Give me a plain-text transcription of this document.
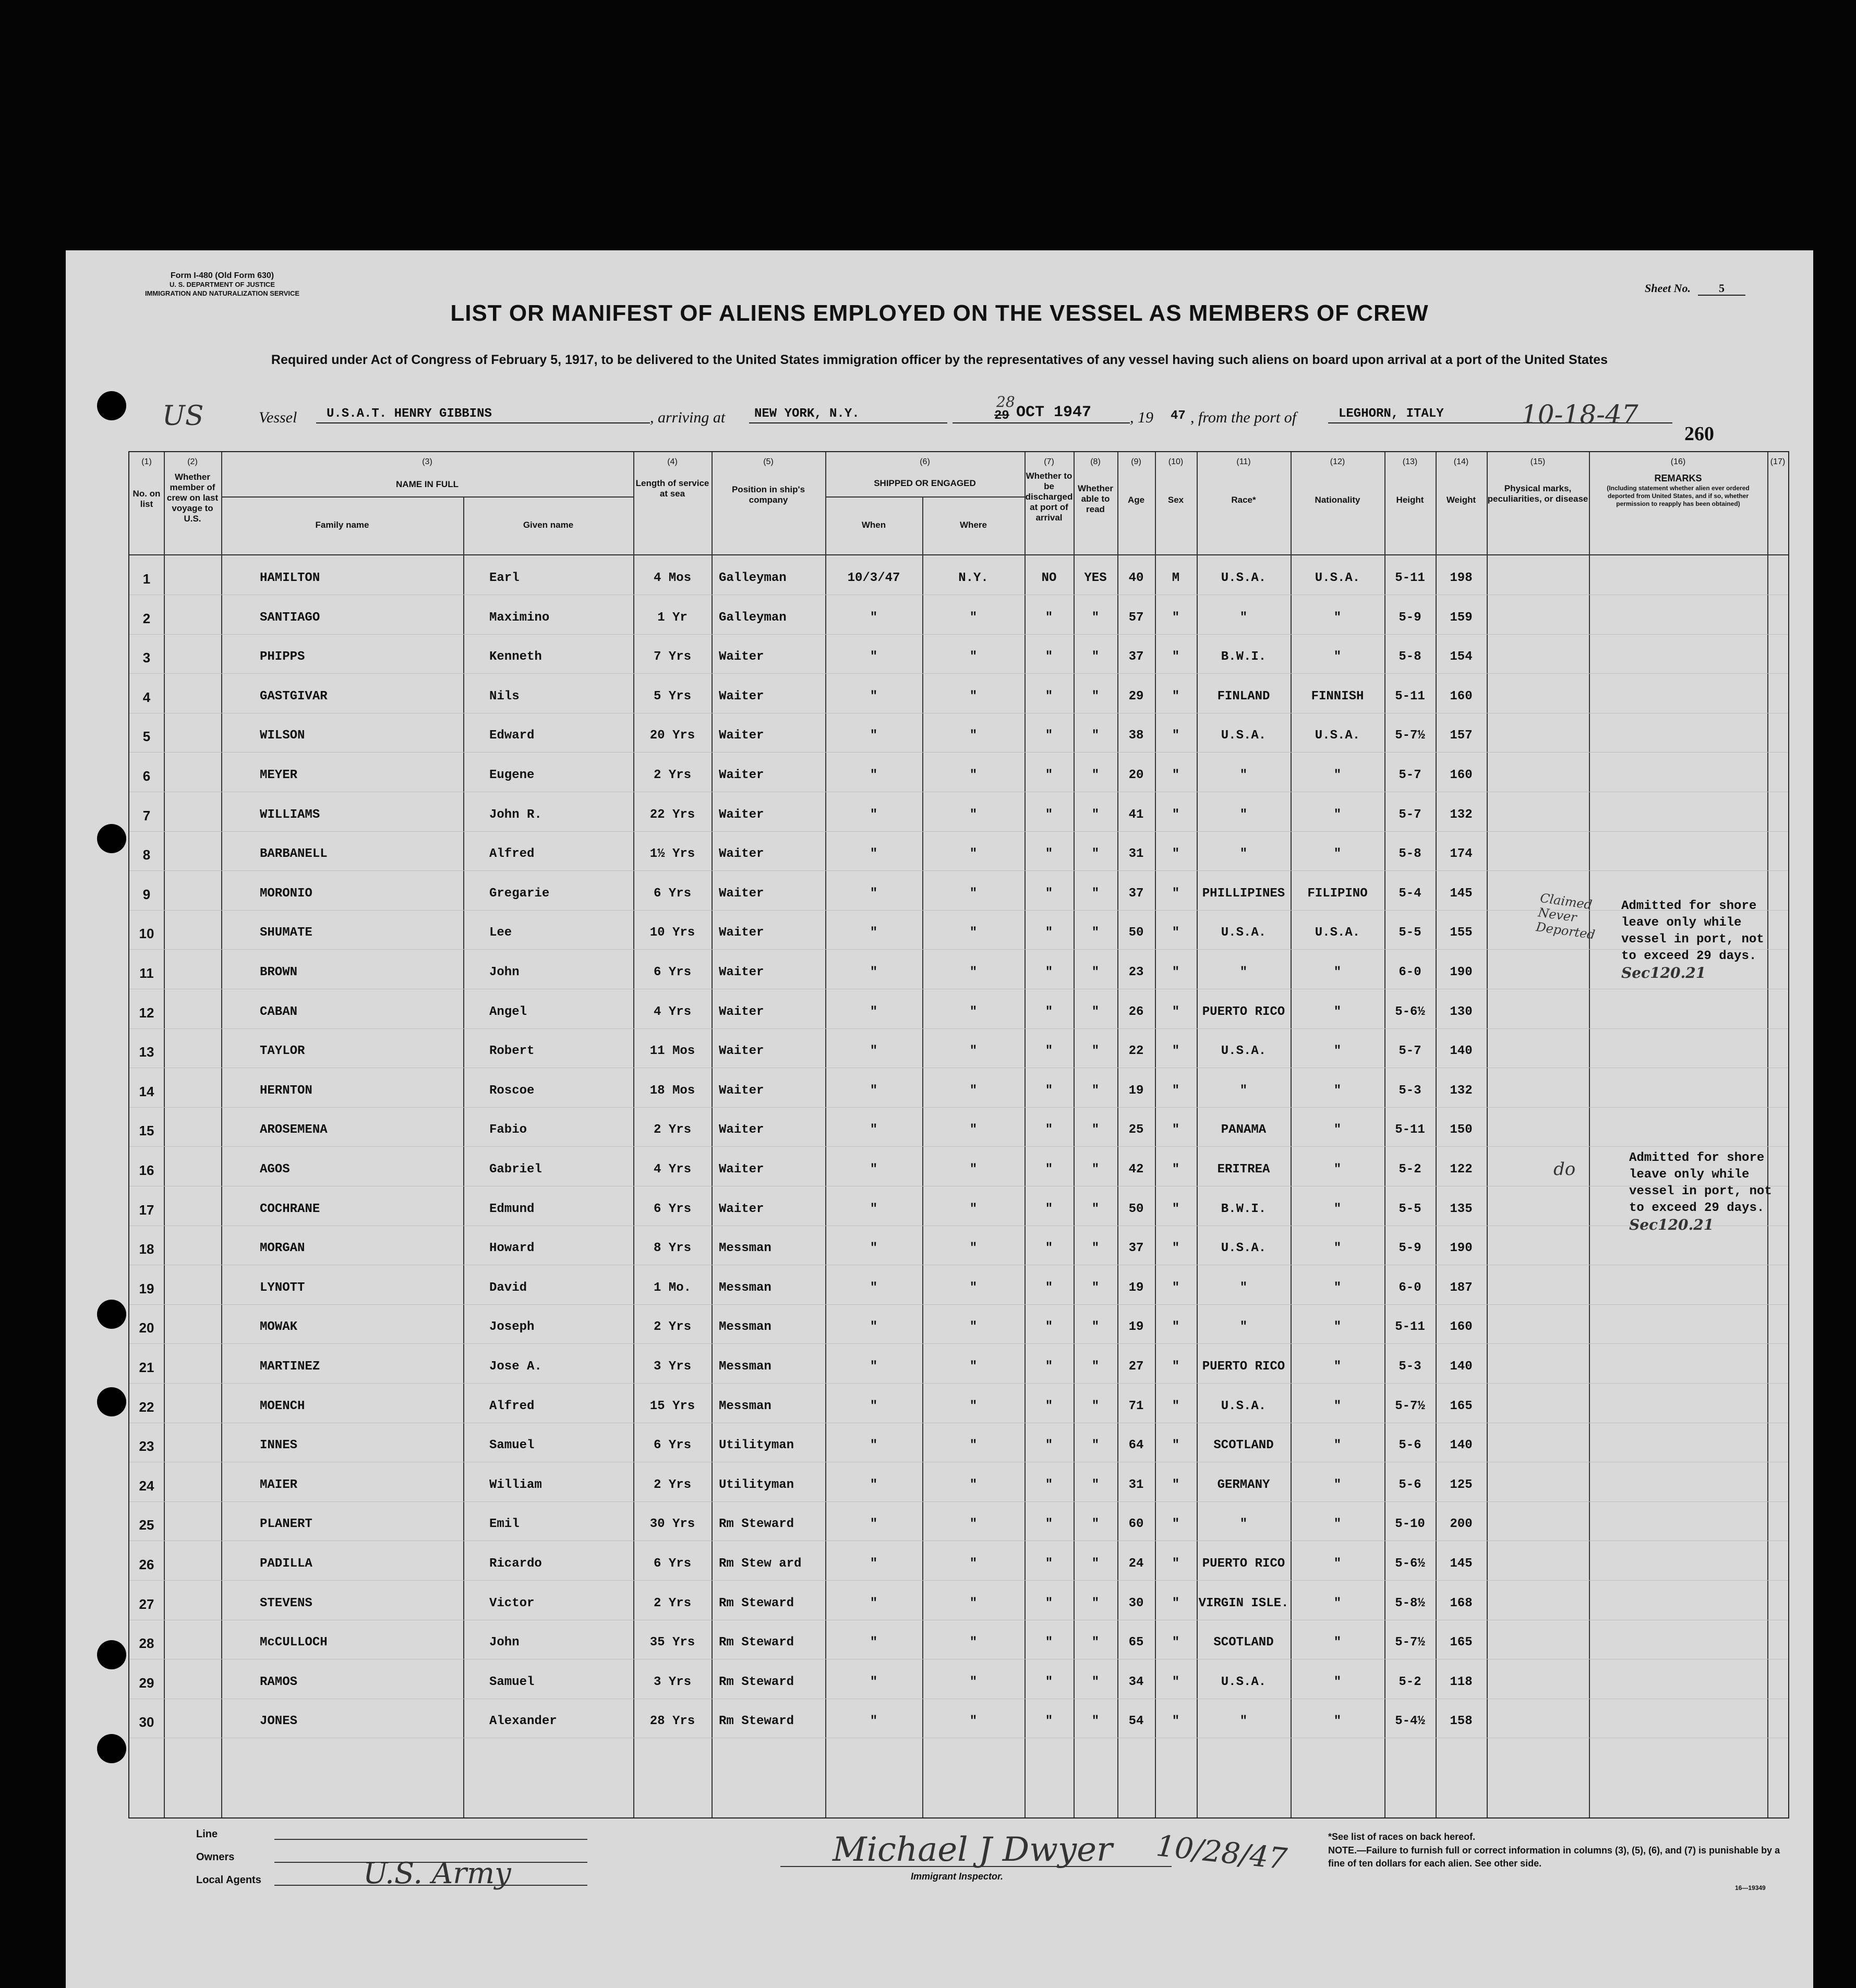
Form I-480 (Old Form 630)
U. S. DEPARTMENT OF JUSTICE
IMMIGRATION AND NATURALIZATION SERVICE	Sheet No. 5
LIST OR MANIFEST OF ALIENS EMPLOYED ON THE VESSEL AS MEMBERS OF CREW
Required under Act of Congress of February 5, 1917, to be delivered to the United States immigration officer by the representatives of any vessel having such aliens on board upon arrival at a port of the United States
US	Vessel U.S.A.T. HENRY GIBBINS	, arriving at NEW YORK, N.Y.	29
28
OCT 1947 , 19 47 , from the port of	LEGHORN, ITALY	10-18-47
260
(1)	(2)	(3)	(4)	(5)	(6)	(7)	(8)	(9)	(10)	(11)	(12)	(13)	(14)	(15)	(16)	(17)
No. on list
Whether member of crew on last voyage to U.S.
NAME IN FULL
Family name	Given name
Length of service at sea	Position in ship's company
SHIPPED OR ENGAGED
When	Where
Whether to be discharged at port of arrival
Whether able to read
Age	Sex	Race*	Nationality	Height	Weight
Physical marks, peculiarities, or disease
REMARKS
(Including statement whether alien ever ordered deported from United States, and if so, whether permission to reapply has been obtained)
1	HAMILTON	Earl	4 Mos	Galleyman	10/3/47	N.Y.	NO	YES	40	M	U.S.A.	U.S.A.	5-11	198
2	SANTIAGO	Maximino	1 Yr	Galleyman	"	"	"	"	57	"	"	"	5-9	159
3	PHIPPS	Kenneth	7 Yrs	Waiter	"	"	"	"	37	"	B.W.I.	"	5-8	154
4	GASTGIVAR	Nils	5 Yrs	Waiter	"	"	"	"	29	"	FINLAND	FINNISH	5-11	160
5	WILSON	Edward	20 Yrs	Waiter	"	"	"	"	38	"	U.S.A.	U.S.A.	5-7½	157
6	MEYER	Eugene	2 Yrs	Waiter	"	"	"	"	20	"	"	"	5-7	160
7	WILLIAMS	John R.	22 Yrs	Waiter	"	"	"	"	41	"	"	"	5-7	132
8	BARBANELL	Alfred	1½ Yrs	Waiter	"	"	"	"	31	"	"	"	5-8	174
9	MORONIO	Gregarie	6 Yrs	Waiter	"	"	"	"	37	"	PHILLIPINES	FILIPINO	5-4	145
10	SHUMATE	Lee	10 Yrs	Waiter	"	"	"	"	50	"	U.S.A.	U.S.A.	5-5	155
11	BROWN	John	6 Yrs	Waiter	"	"	"	"	23	"	"	"	6-0	190
12	CABAN	Angel	4 Yrs	Waiter	"	"	"	"	26	"	PUERTO RICO	"	5-6½	130
13	TAYLOR	Robert	11 Mos	Waiter	"	"	"	"	22	"	U.S.A.	"	5-7	140
14	HERNTON	Roscoe	18 Mos	Waiter	"	"	"	"	19	"	"	"	5-3	132
15	AROSEMENA	Fabio	2 Yrs	Waiter	"	"	"	"	25	"	PANAMA	"	5-11	150
16	AGOS	Gabriel	4 Yrs	Waiter	"	"	"	"	42	"	ERITREA	"	5-2	122
17	COCHRANE	Edmund	6 Yrs	Waiter	"	"	"	"	50	"	B.W.I.	"	5-5	135
18	MORGAN	Howard	8 Yrs	Messman	"	"	"	"	37	"	U.S.A.	"	5-9	190
19	LYNOTT	David	1 Mo.	Messman	"	"	"	"	19	"	"	"	6-0	187
20	MOWAK	Joseph	2 Yrs	Messman	"	"	"	"	19	"	"	"	5-11	160
21	MARTINEZ	Jose A.	3 Yrs	Messman	"	"	"	"	27	"	PUERTO RICO	"	5-3	140
22	MOENCH	Alfred	15 Yrs	Messman	"	"	"	"	71	"	U.S.A.	"	5-7½	165
23	INNES	Samuel	6 Yrs	Utilityman	"	"	"	"	64	"	SCOTLAND	"	5-6	140
24	MAIER	William	2 Yrs	Utilityman	"	"	"	"	31	"	GERMANY	"	5-6	125
25	PLANERT	Emil	30 Yrs	Rm Steward	"	"	"	"	60	"	"	"	5-10	200
26	PADILLA	Ricardo	6 Yrs	Rm Stew ard	"	"	"	"	24	"	PUERTO RICO	"	5-6½	145
27	STEVENS	Victor	2 Yrs	Rm Steward	"	"	"	"	30	"	VIRGIN ISLE.	"	5-8½	168
28	McCULLOCH	John	35 Yrs	Rm Steward	"	"	"	"	65	"	SCOTLAND	"	5-7½	165
29	RAMOS	Samuel	3 Yrs	Rm Steward	"	"	"	"	34	"	U.S.A.	"	5-2	118
30	JONES	Alexander	28 Yrs	Rm Steward	"	"	"	"	54	"	"	"	5-4½	158
Admitted for shore leave only while vessel in port, not to exceed 29 days. Sec120.21
Claimed Never Deported
Admitted for shore leave only while vessel in port, not to exceed 29 days. Sec120.21
do
Line
Owners
Local Agents	U.S. Army
Michael J Dwyer
Immigrant Inspector.
10/28/47	*See list of races on back hereof.
NOTE.—Failure to furnish full or correct information in columns (3), (5), (6), and (7) is punishable by a fine of ten dollars for each alien. See other side.
16—19349
